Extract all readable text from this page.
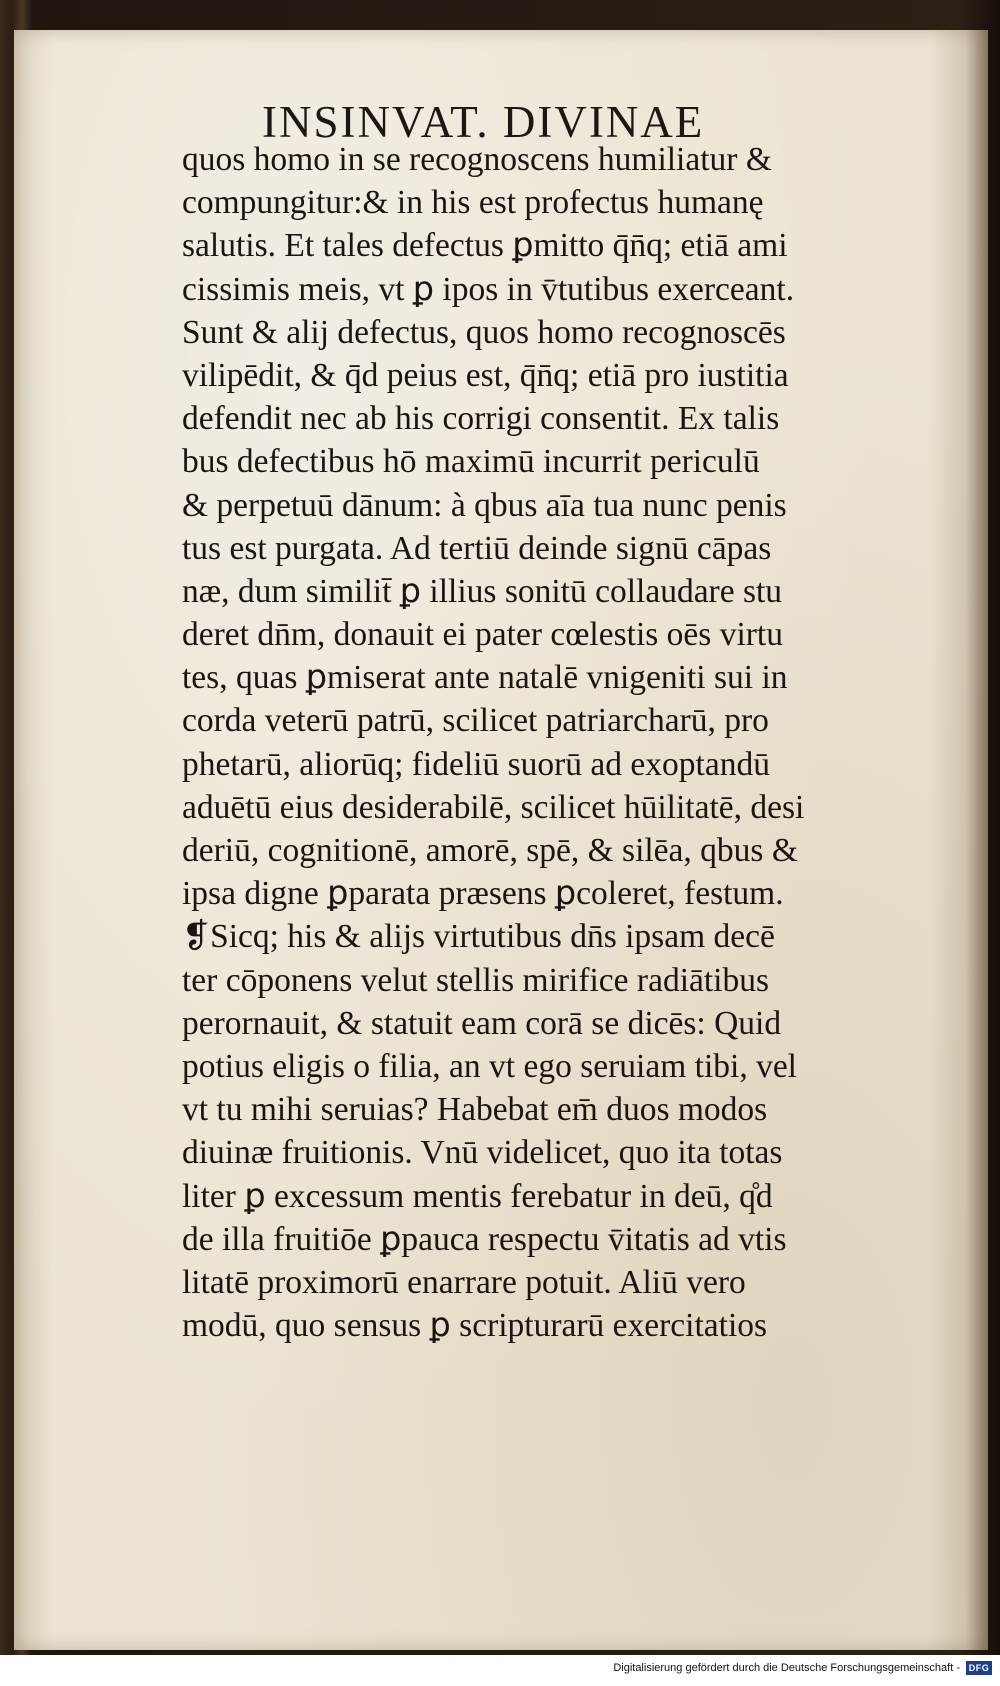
INSINVAT. DIVINAE
quos homo in se recognoscens humiliatur &
compungitur:& in his est profectus humanę
salutis. Et tales defectus ꝑmitto q̄n̄q; etiā ami
cissimis meis, vt ꝑ ipos in v̄tutibus exerceant.
Sunt & alij defectus, quos homo recognoscēs
vilipēdit, & q̄d peius est, q̄n̄q; etiā pro iustitia
defendit nec ab his corrigi consentit. Ex talis
bus defectibus hō maximū incurrit periculū
& perpetuū dānum: à qbus aīa tua nunc penis
tus est purgata. Ad tertiū deinde signū cāpas
næ, dum similit̄ ꝑ illius sonitū collaudare stu
deret dn̄m, donauit ei pater cœlestis oēs virtu
tes, quas ꝑmiserat ante natalē vnigeniti sui in
corda veterū patrū, scilicet patriarcharū, pro
phetarū, aliorūq; fideliū suorū ad exoptandū
aduētū eius desiderabilē, scilicet hūilitatē, desi
deriū, cognitionē, amorē, spē, & silēa, qbus &
ipsa digne ꝑparata præsens ꝑcoleret, festum.
❡Sicq; his & alijs virtutibus dn̄s ipsam decē
ter cōponens velut stellis mirifice radiātibus
perornauit, & statuit eam corā se dicēs: Quid
potius eligis o filia, an vt ego seruiam tibi, vel
vt tu mihi seruias? Habebat em̄ duos modos
diuinæ fruitionis. Vnū videlicet, quo ita totas
liter ꝑ excessum mentis ferebatur in deū, q̊d
de illa fruitiōe ꝑpauca respectu v̄itatis ad vtis
litatē proximorū enarrare potuit. Aliū vero
modū, quo sensus ꝑ scripturarū exercitatios
Digitalisierung gefördert durch die Deutsche Forschungsgemeinschaft - DFG
